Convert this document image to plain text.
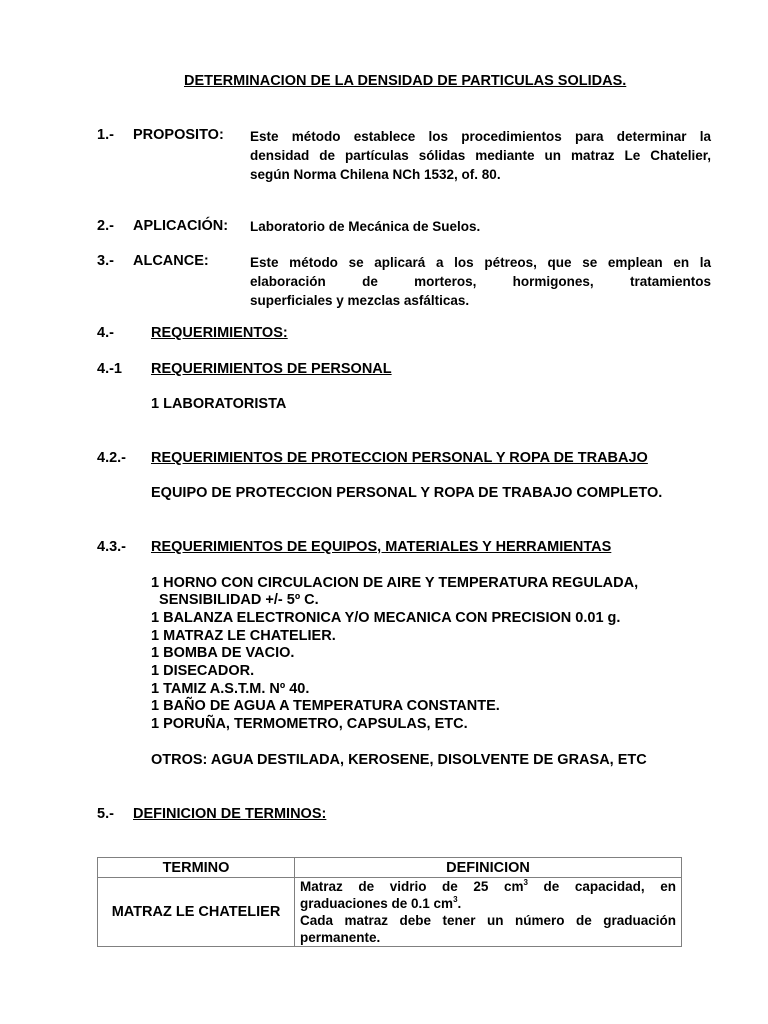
DETERMINACION DE LA DENSIDAD DE PARTICULAS SOLIDAS.
1.- PROPOSITO: Este método establece los procedimientos para determinar la
densidad de partículas sólidas mediante un matraz Le Chatelier,
según Norma Chilena NCh 1532, of. 80.
2.- APLICACIÓN: Laboratorio de Mecánica de Suelos.
3.- ALCANCE:	Este método se aplicará a los pétreos, que se emplean en la
elaboración de morteros, hormigones, tratamientos
superficiales y mezclas asfálticas.
4.-	REQUERIMIENTOS:
4.-1 REQUERIMIENTOS DE PERSONAL
1 LABORATORISTA
4.2.- REQUERIMIENTOS DE PROTECCION PERSONAL Y ROPA DE TRABAJO
EQUIPO DE PROTECCION PERSONAL Y ROPA DE TRABAJO COMPLETO.
4.3.- REQUERIMIENTOS DE EQUIPOS, MATERIALES Y HERRAMIENTAS
1 HORNO CON CIRCULACION DE AIRE Y TEMPERATURA REGULADA,
SENSIBILIDAD +/- 5º C.
1 BALANZA ELECTRONICA Y/O MECANICA CON PRECISION 0.01 g.
1 MATRAZ LE CHATELIER.
1 BOMBA DE VACIO.
1 DISECADOR.
1 TAMIZ A.S.T.M. Nº 40.
1 BAÑO DE AGUA A TEMPERATURA CONSTANTE.
1 PORUÑA, TERMOMETRO, CAPSULAS, ETC.
OTROS: AGUA DESTILADA, KEROSENE, DISOLVENTE DE GRASA, ETC
5.- DEFINICION DE TERMINOS:
TERMINO	DEFINICION
MATRAZ LE CHATELIER	Matraz de vidrio de 25 $cm^3$ de capacidad, en
graduaciones de 0.1 $cm^3$.
Cada matraz debe tener un número de graduación
permanente.
